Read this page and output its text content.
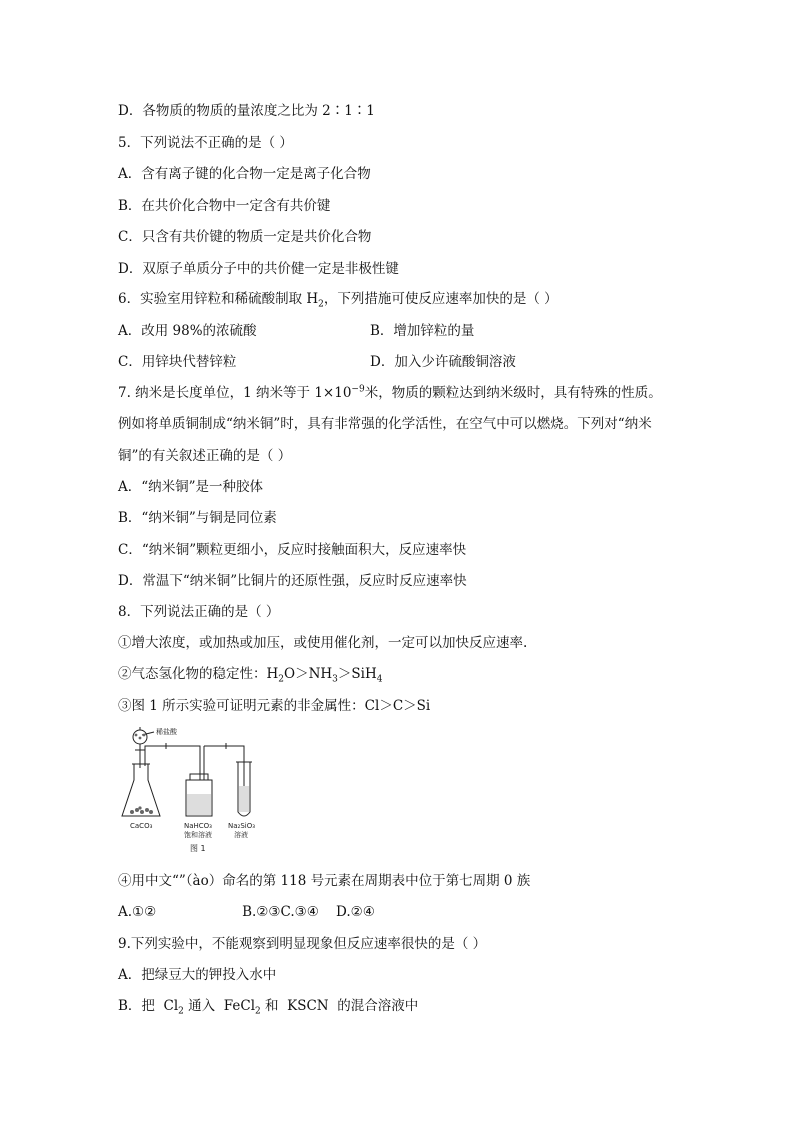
D．各物质的物质的量浓度之比为 2∶1∶1
5．下列说法不正确的是（ ）
A．含有离子键的化合物一定是离子化合物
B．在共价化合物中一定含有共价键
C．只含有共价键的物质一定是共价化合物
D．双原子单质分子中的共价健一定是非极性键
6．实验室用锌粒和稀硫酸制取 $H_2$，下列措施可使反应速率加快的是（ ）
A．改用 98%的浓硫酸	B．增加锌粒的量
C．用锌块代替锌粒	D．加入少许硫酸铜溶液
7. 纳米是长度单位，1 纳米等于 $1\times 10^{-9}$米，物质的颗粒达到纳米级时，具有特殊的性质。
例如将单质铜制成“纳米铜”时，具有非常强的化学活性，在空气中可以燃烧。下列对“纳米
铜”的有关叙述正确的是（ ）
A．“纳米铜”是一种胶体
B．“纳米铜”与铜是同位素
C．“纳米铜”颗粒更细小，反应时接触面积大，反应速率快
D．常温下“纳米铜”比铜片的还原性强，反应时反应速率快
8．下列说法正确的是（ ）
①增大浓度，或加热或加压，或使用催化剂，一定可以加快反应速率.
②气态氢化物的稳定性：$H_2O>NH_3>SiH_4$
③图 1 所示实验可证明元素的非金属性：Cl＞C＞Si
稀盐酸
CaCO₃	NaHCO₃
饱和溶液
Na₂SiO₃
溶液
图 1
④用中文“”（ào）命名的第 118 号元素在周期表中位于第七周期 0 族
A.①②                    B.②③C.③④    D.②④
9.下列实验中，不能观察到明显现象但反应速率很快的是（ ）
A．把绿豆大的钾投入水中
B．把  $Cl_2$ 通入  FeCl$_2$ 和  KSCN  的混合溶液中
